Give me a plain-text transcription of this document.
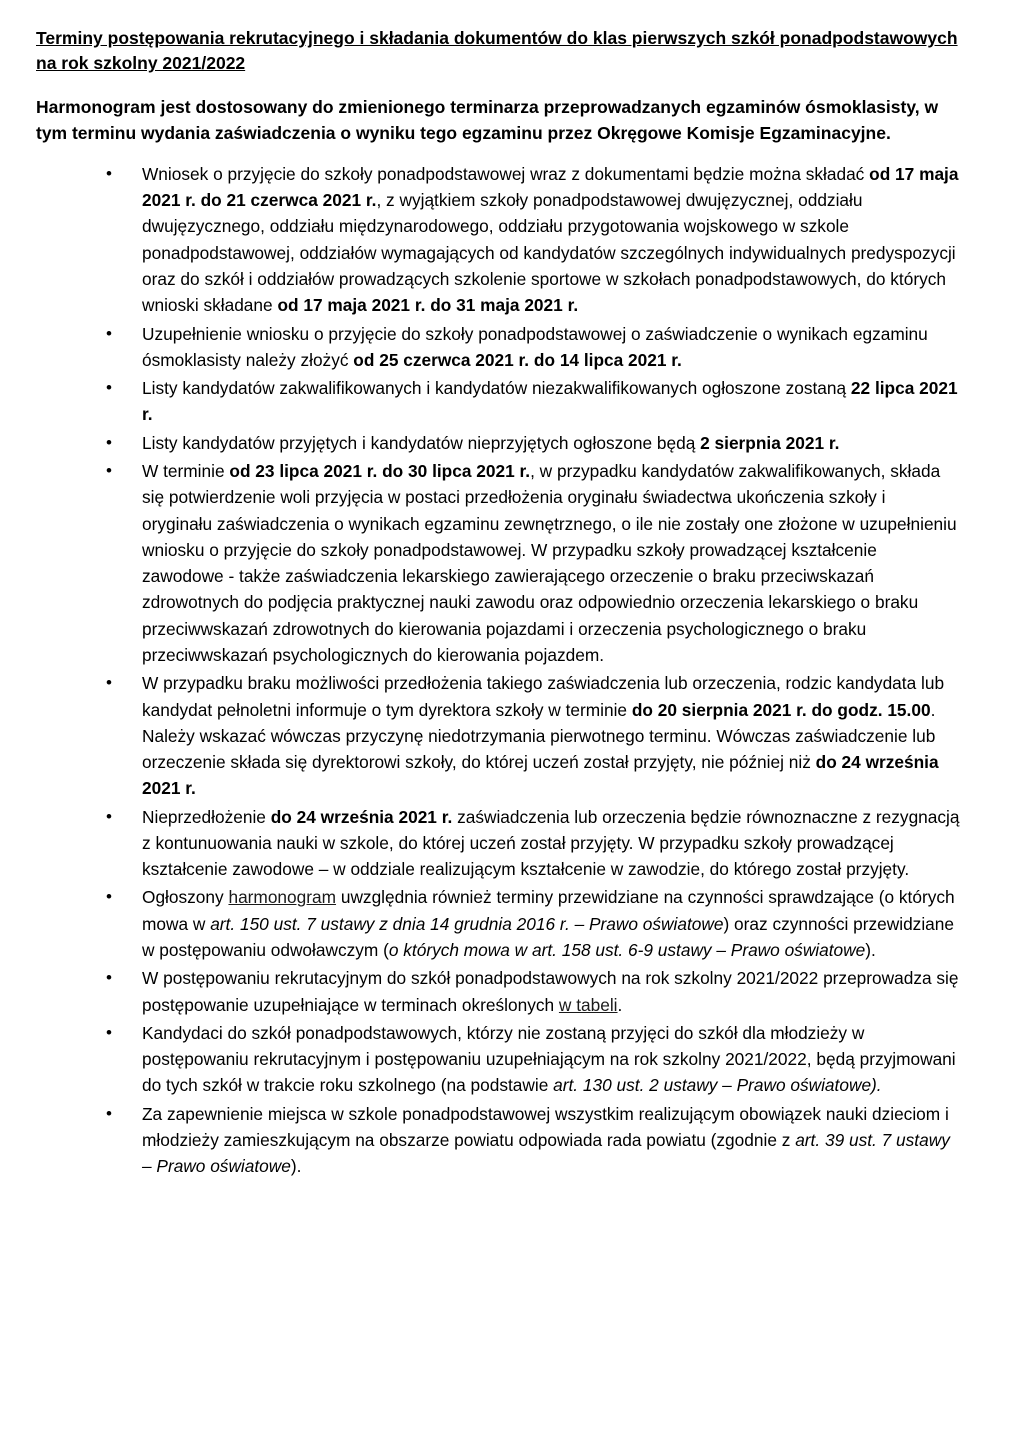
Terminy postępowania rekrutacyjnego i składania dokumentów do klas pierwszych szkół ponadpodstawowych na rok szkolny 2021/2022

Harmonogram jest dostosowany do zmienionego terminarza przeprowadzanych egzaminów ósmoklasisty, w tym terminu wydania zaświadczenia o wyniku tego egzaminu przez Okręgowe Komisje Egzaminacyjne.

• Wniosek o przyjęcie do szkoły ponadpodstawowej wraz z dokumentami będzie można składać od 17 maja 2021 r. do 21 czerwca 2021 r., z wyjątkiem szkoły ponadpodstawowej dwujęzycznej, oddziału dwujęzycznego, oddziału międzynarodowego, oddziału przygotowania wojskowego w szkole ponadpodstawowej, oddziałów wymagających od kandydatów szczególnych indywidualnych predyspozycji oraz do szkół i oddziałów prowadzących szkolenie sportowe w szkołach ponadpodstawowych, do których wnioski składane od 17 maja 2021 r. do 31 maja 2021 r.
• Uzupełnienie wniosku o przyjęcie do szkoły ponadpodstawowej o zaświadczenie o wynikach egzaminu ósmoklasisty należy złożyć od 25 czerwca 2021 r. do 14 lipca 2021 r.
• Listy kandydatów zakwalifikowanych i kandydatów niezakwalifikowanych ogłoszone zostaną 22 lipca 2021 r.
• Listy kandydatów przyjętych i kandydatów nieprzyjętych ogłoszone będą 2 sierpnia 2021 r.
• W terminie od 23 lipca 2021 r. do 30 lipca 2021 r., w przypadku kandydatów zakwalifikowanych, składa się potwierdzenie woli przyjęcia w postaci przedłożenia oryginału świadectwa ukończenia szkoły i oryginału zaświadczenia o wynikach egzaminu zewnętrznego, o ile nie zostały one złożone w uzupełnieniu wniosku o przyjęcie do szkoły ponadpodstawowej. W przypadku szkoły prowadzącej kształcenie zawodowe - także zaświadczenia lekarskiego zawierającego orzeczenie o braku przeciwskazań zdrowotnych do podjęcia praktycznej nauki zawodu oraz odpowiednio orzeczenia lekarskiego o braku przeciwwskazań zdrowotnych do kierowania pojazdami i orzeczenia psychologicznego o braku przeciwwskazań psychologicznych do kierowania pojazdem.
• W przypadku braku możliwości przedłożenia takiego zaświadczenia lub orzeczenia, rodzic kandydata lub kandydat pełnoletni informuje o tym dyrektora szkoły w terminie do 20 sierpnia 2021 r. do godz. 15.00. Należy wskazać wówczas przyczynę niedotrzymania pierwotnego terminu. Wówczas zaświadczenie lub orzeczenie składa się dyrektorowi szkoły, do której uczeń został przyjęty, nie później niż do 24 września 2021 r.
• Nieprzedłożenie do 24 września 2021 r. zaświadczenia lub orzeczenia będzie równoznaczne z rezygnacją z kontunuowania nauki w szkole, do której uczeń został przyjęty. W przypadku szkoły prowadzącej kształcenie zawodowe – w oddziale realizującym kształcenie w zawodzie, do którego został przyjęty.
• Ogłoszony harmonogram uwzględnia również terminy przewidziane na czynności sprawdzające (o których mowa w art. 150 ust. 7 ustawy z dnia 14 grudnia 2016 r. – Prawo oświatowe) oraz czynności przewidziane w postępowaniu odwoławczym (o których mowa w art. 158 ust. 6-9 ustawy – Prawo oświatowe).
• W postępowaniu rekrutacyjnym do szkół ponadpodstawowych na rok szkolny 2021/2022 przeprowadza się postępowanie uzupełniające w terminach określonych w tabeli.
• Kandydaci do szkół ponadpodstawowych, którzy nie zostaną przyjęci do szkół dla młodzieży w postępowaniu rekrutacyjnym i postępowaniu uzupełniającym na rok szkolny 2021/2022, będą przyjmowani do tych szkół w trakcie roku szkolnego (na podstawie art. 130 ust. 2 ustawy – Prawo oświatowe).
• Za zapewnienie miejsca w szkole ponadpodstawowej wszystkim realizującym obowiązek nauki dzieciom i młodzieży zamieszkującym na obszarze powiatu odpowiada rada powiatu (zgodnie z art. 39 ust. 7 ustawy – Prawo oświatowe).
